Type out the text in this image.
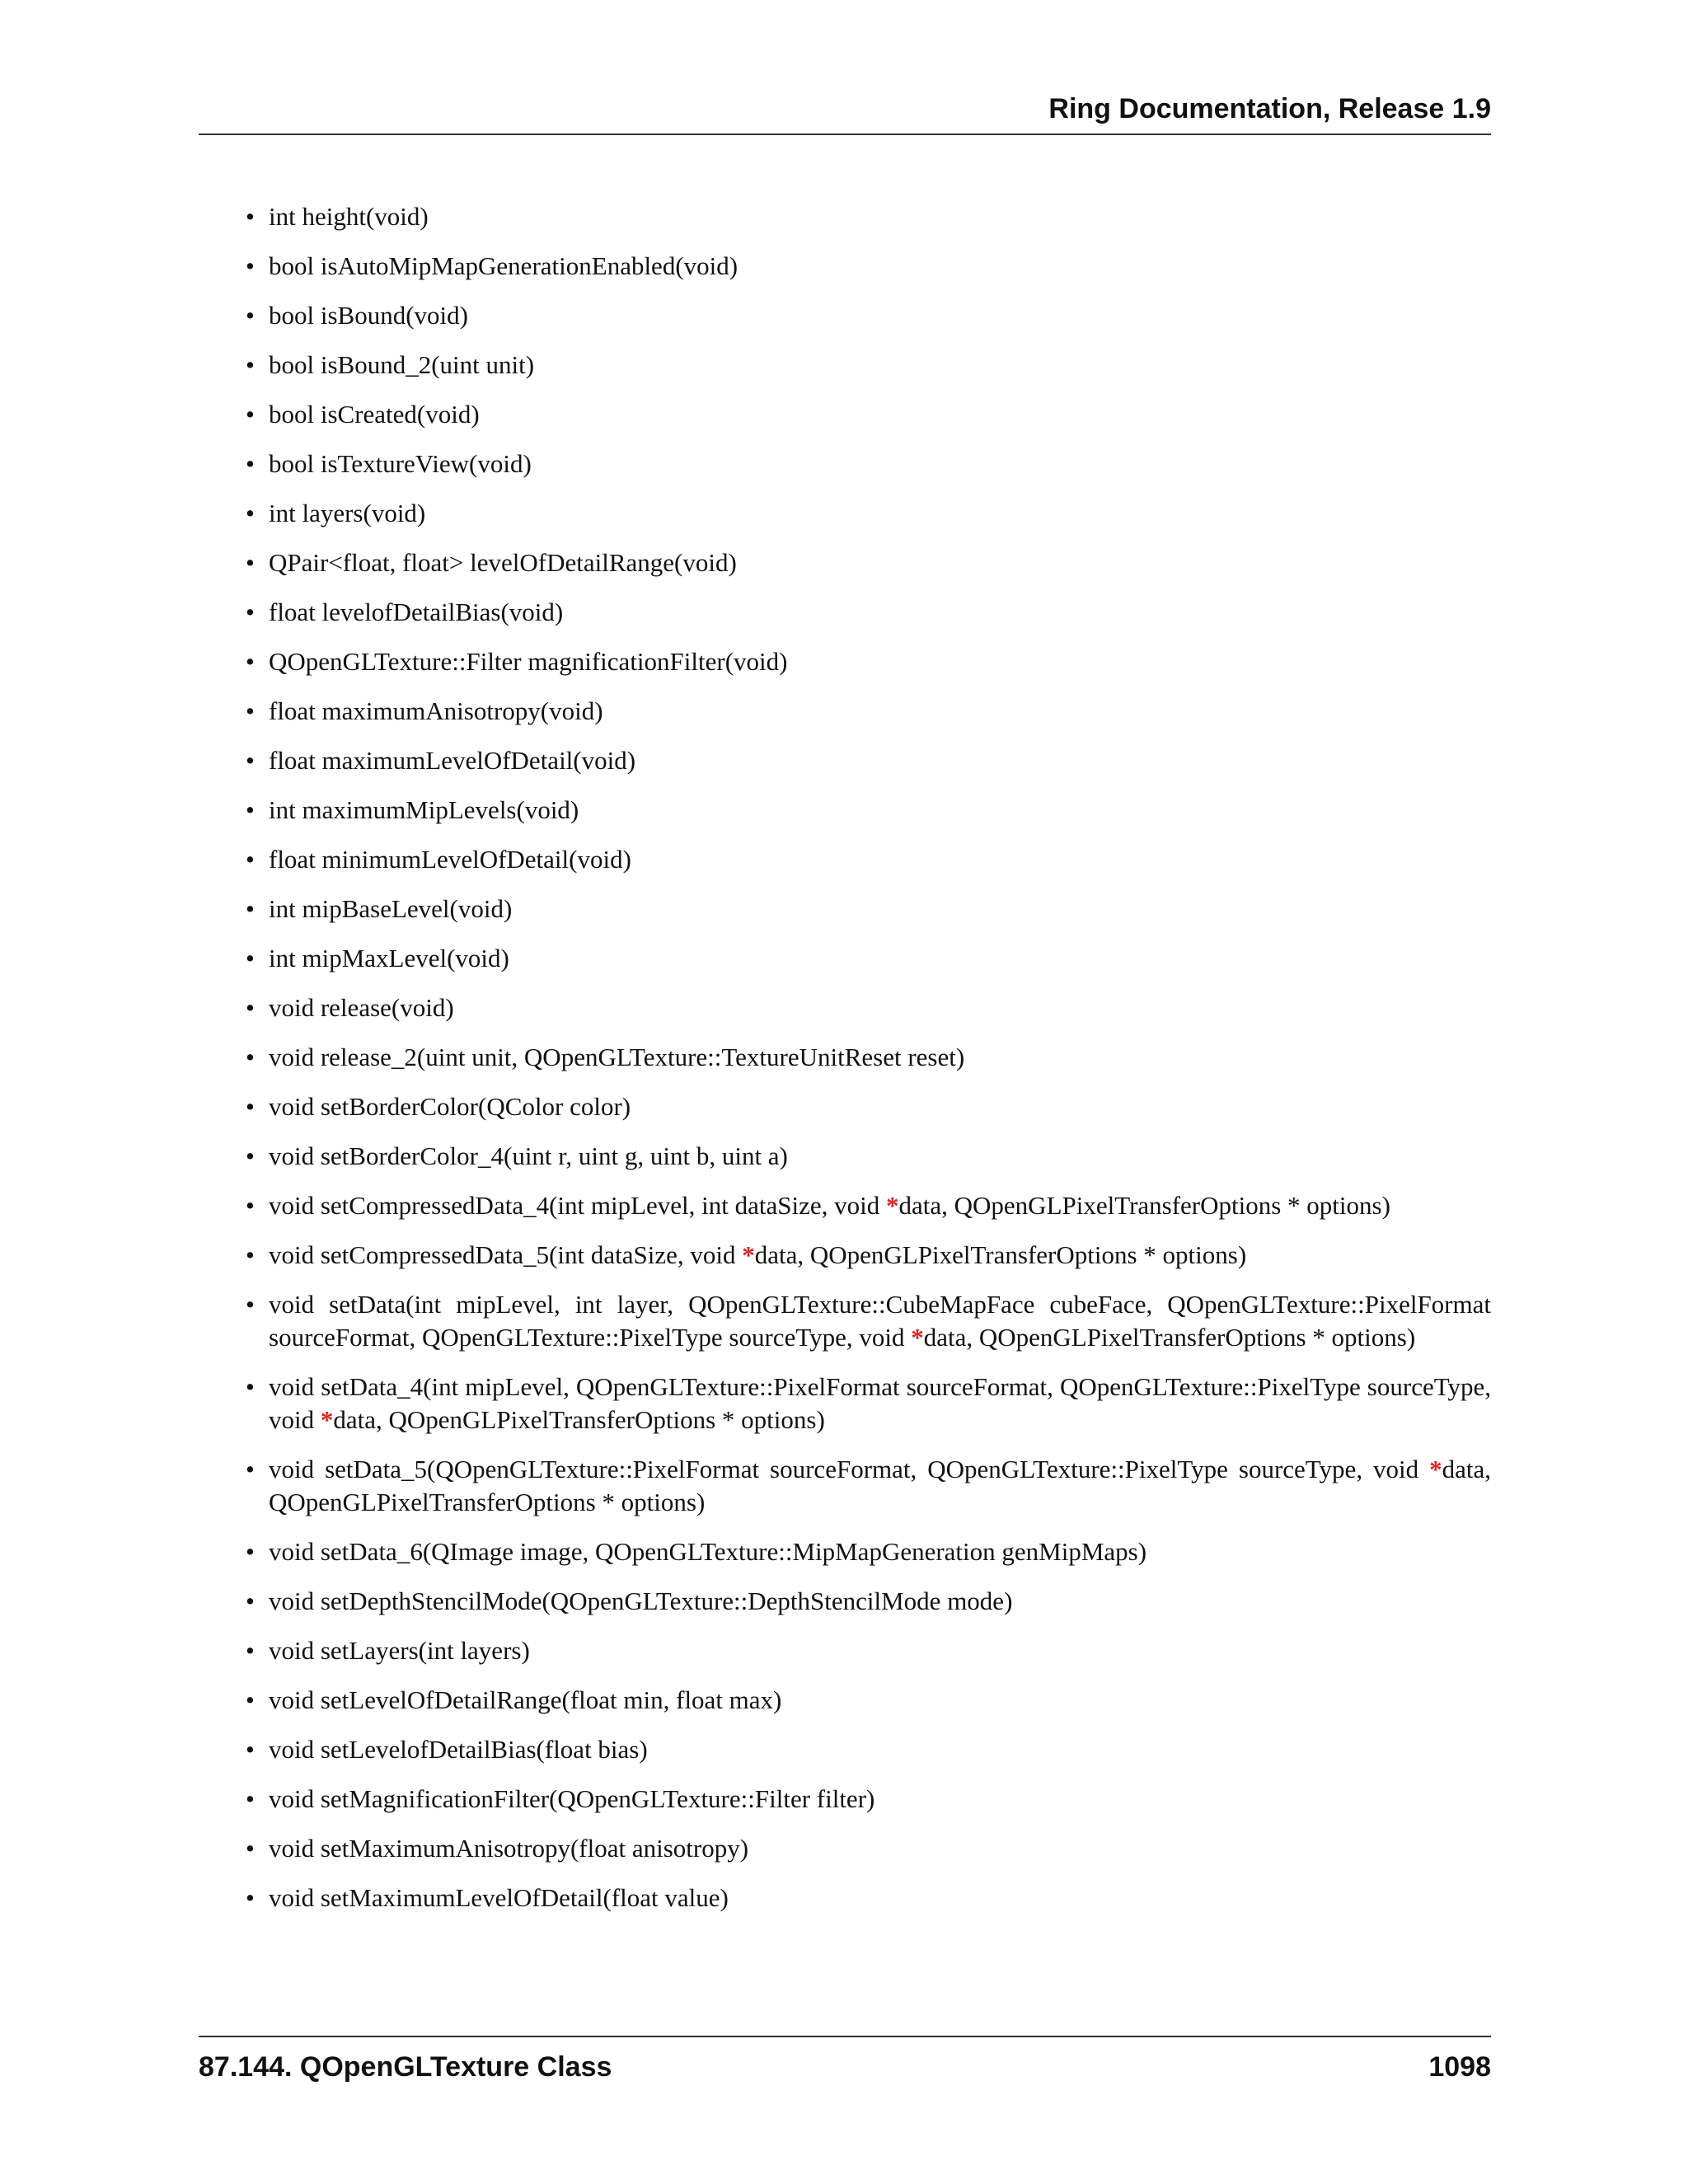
Ring Documentation, Release 1.9
• int height(void)
• bool isAutoMipMapGenerationEnabled(void)
• bool isBound(void)
• bool isBound_2(uint unit)
• bool isCreated(void)
• bool isTextureView(void)
• int layers(void)
• QPair<float, float> levelOfDetailRange(void)
• float levelofDetailBias(void)
• QOpenGLTexture::Filter magnificationFilter(void)
• float maximumAnisotropy(void)
• float maximumLevelOfDetail(void)
• int maximumMipLevels(void)
• float minimumLevelOfDetail(void)
• int mipBaseLevel(void)
• int mipMaxLevel(void)
• void release(void)
• void release_2(uint unit, QOpenGLTexture::TextureUnitReset reset)
• void setBorderColor(QColor color)
• void setBorderColor_4(uint r, uint g, uint b, uint a)
• void setCompressedData_4(int mipLevel, int dataSize, void *data, QOpenGLPixelTransferOptions * options)
• void setCompressedData_5(int dataSize, void *data, QOpenGLPixelTransferOptions * options)
• void setData(int mipLevel, int layer, QOpenGLTexture::CubeMapFace cubeFace, QOpenGLTexture::PixelFormat sourceFormat, QOpenGLTexture::PixelType sourceType, void *data, QOpenGLPixelTransferOptions * options)
• void setData_4(int mipLevel, QOpenGLTexture::PixelFormat sourceFormat, QOpenGLTexture::PixelType sourceType, void *data, QOpenGLPixelTransferOptions * options)
• void setData_5(QOpenGLTexture::PixelFormat sourceFormat, QOpenGLTexture::PixelType sourceType, void *data, QOpenGLPixelTransferOptions * options)
• void setData_6(QImage image, QOpenGLTexture::MipMapGeneration genMipMaps)
• void setDepthStencilMode(QOpenGLTexture::DepthStencilMode mode)
• void setLayers(int layers)
• void setLevelOfDetailRange(float min, float max)
• void setLevelofDetailBias(float bias)
• void setMagnificationFilter(QOpenGLTexture::Filter filter)
• void setMaximumAnisotropy(float anisotropy)
• void setMaximumLevelOfDetail(float value)
87.144. QOpenGLTexture Class	1098
